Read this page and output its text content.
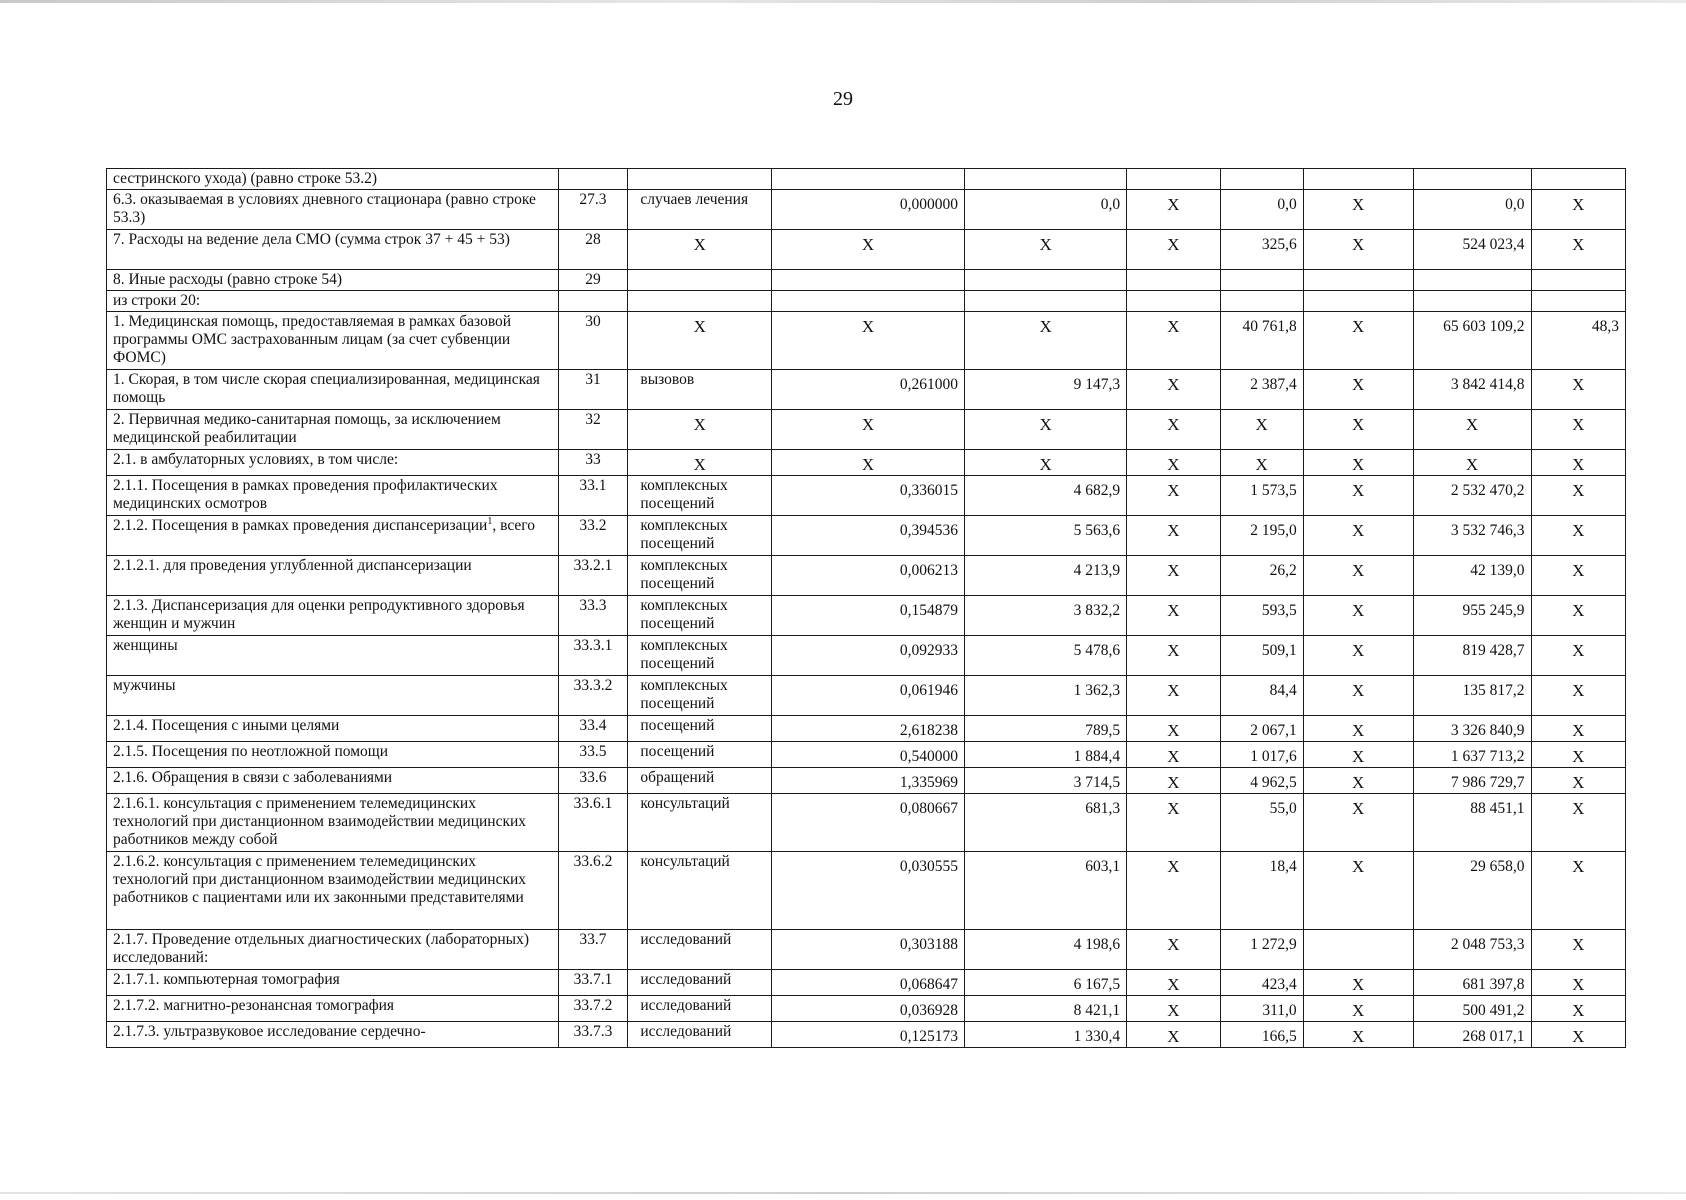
29
сестринского ухода) (равно строке 53.2)									
6.3. оказываемая в условиях дневного стационара (равно строке 53.3)	27.3	случаев лечения	0,000000	0,0	Х	0,0	Х	0,0	Х
7. Расходы на ведение дела СМО (сумма строк 37 + 45 + 53)	28	Х	Х	Х	Х	325,6	Х	524 023,4	Х
8. Иные расходы (равно строке 54)	29								
из строки 20:									
1. Медицинская помощь, предоставляемая в рамках базовой программы ОМС застрахованным лицам (за счет субвенции ФОМС)	30	Х	Х	Х	Х	40 761,8	Х	65 603 109,2	48,3
1. Скорая, в том числе скорая специализированная, медицинская помощь	31	вызовов	0,261000	9 147,3	Х	2 387,4	Х	3 842 414,8	Х
2. Первичная медико-санитарная помощь, за исключением медицинской реабилитации	32	Х	Х	Х	Х	Х	Х	Х	Х
2.1. в амбулаторных условиях, в том числе:	33	Х	Х	Х	Х	Х	Х	Х	Х
2.1.1. Посещения в рамках проведения профилактических медицинских осмотров	33.1	комплексных посещений	0,336015	4 682,9	Х	1 573,5	Х	2 532 470,2	Х
2.1.2. Посещения в рамках проведения диспансеризации$^1$, всего	33.2	комплексных посещений	0,394536	5 563,6	Х	2 195,0	Х	3 532 746,3	Х
2.1.2.1. для проведения углубленной диспансеризации	33.2.1	комплексных посещений	0,006213	4 213,9	Х	26,2	Х	42 139,0	Х
2.1.3. Диспансеризация для оценки репродуктивного здоровья женщин и мужчин	33.3	комплексных посещений	0,154879	3 832,2	Х	593,5	Х	955 245,9	Х
женщины	33.3.1	комплексных посещений	0,092933	5 478,6	Х	509,1	Х	819 428,7	Х
мужчины	33.3.2	комплексных посещений	0,061946	1 362,3	Х	84,4	Х	135 817,2	Х
2.1.4. Посещения с иными целями	33.4	посещений	2,618238	789,5	Х	2 067,1	Х	3 326 840,9	Х
2.1.5. Посещения по неотложной помощи	33.5	посещений	0,540000	1 884,4	Х	1 017,6	Х	1 637 713,2	Х
2.1.6. Обращения в связи с заболеваниями	33.6	обращений	1,335969	3 714,5	Х	4 962,5	Х	7 986 729,7	Х
2.1.6.1. консультация с применением телемедицинских технологий при дистанционном взаимодействии медицинских работников между собой	33.6.1	консультаций	0,080667	681,3	Х	55,0	Х	88 451,1	Х
2.1.6.2. консультация с применением телемедицинских технологий при дистанционном взаимодействии медицинских работников с пациентами или их законными представителями	33.6.2	консультаций	0,030555	603,1	Х	18,4	Х	29 658,0	Х
2.1.7. Проведение отдельных диагностических (лабораторных) исследований:	33.7	исследований	0,303188	4 198,6	Х	1 272,9		2 048 753,3	Х
2.1.7.1. компьютерная томография	33.7.1	исследований	0,068647	6 167,5	Х	423,4	Х	681 397,8	Х
2.1.7.2. магнитно-резонансная томография	33.7.2	исследований	0,036928	8 421,1	Х	311,0	Х	500 491,2	Х
2.1.7.3. ультразвуковое исследование сердечно-	33.7.3	исследований	0,125173	1 330,4	Х	166,5	Х	268 017,1	Х
